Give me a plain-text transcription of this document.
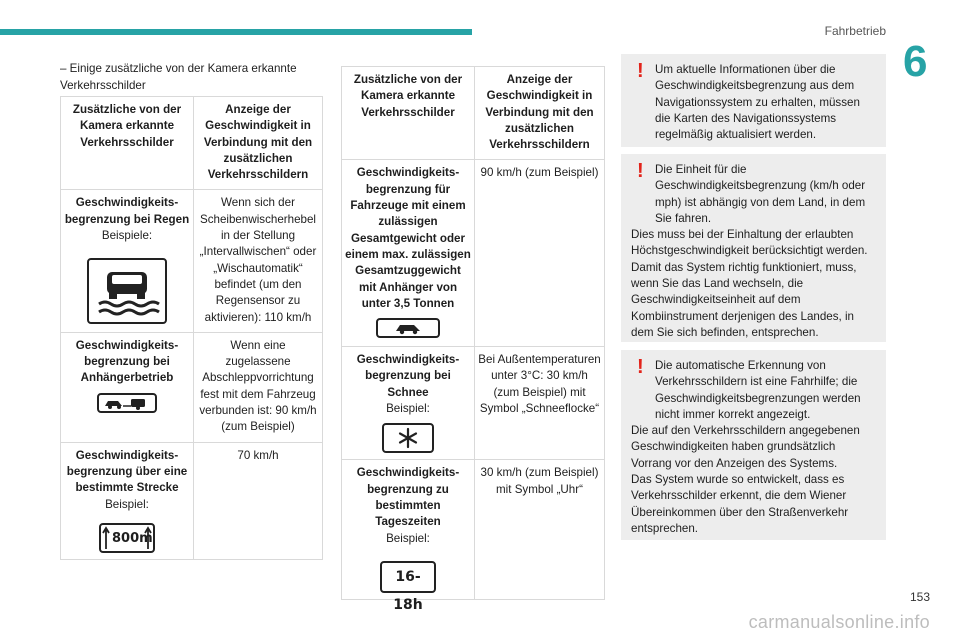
Fahrbetrieb
6
– Einige zusätzliche von der Kamera erkannte Verkehrsschilder
Zusätzliche von der Kamera erkannte Verkehrsschilder	Anzeige der Geschwindigkeit in Verbindung mit den zusätzlichen Verkehrsschildern

Geschwindigkeits-begrenzung bei Regen
Beispiele:	Wenn sich der Scheibenwischerhebel in der Stellung „Intervallwischen“ oder „Wischautomatik“ befindet (um den Regensensor zu aktivieren): 110 km/h

Geschwindigkeits-begrenzung bei Anhängerbetrieb	Wenn eine zugelassene Abschleppvorrichtung fest mit dem Fahrzeug verbunden ist: 90 km/h (zum Beispiel)

Geschwindigkeits-begrenzung über eine bestimmte Strecke
Beispiel:
800m	70 km/h
Zusätzliche von der Kamera erkannte Verkehrsschilder	Anzeige der Geschwindigkeit in Verbindung mit den zusätzlichen Verkehrsschildern

Geschwindigkeits-begrenzung für Fahrzeuge mit einem zulässigen Gesamtgewicht oder einem max. zulässigen Gesamtzuggewicht mit Anhänger von unter 3,5 Tonnen	90 km/h (zum Beispiel)

Geschwindigkeits-begrenzung bei Schnee
Beispiel:	Bei Außentemperaturen unter 3°C: 30 km/h (zum Beispiel) mit Symbol „Schneeflocke“

Geschwindigkeits-begrenzung zu bestimmten Tageszeiten
Beispiel:
16-18h	30 km/h (zum Beispiel) mit Symbol „Uhr“
! Um aktuelle Informationen über die Geschwindigkeitsbegrenzung aus dem Navigationssystem zu erhalten, müssen die Karten des Navigationssystems regelmäßig aktualisiert werden.
! Die Einheit für die Geschwindigkeitsbegrenzung (km/h oder mph) ist abhängig von dem Land, in dem Sie fahren.
Dies muss bei der Einhaltung der erlaubten Höchstgeschwindigkeit berücksichtigt werden.
Damit das System richtig funktioniert, muss, wenn Sie das Land wechseln, die Geschwindigkeitseinheit auf dem Kombiinstrument derjenigen des Landes, in dem Sie sich befinden, entsprechen.
! Die automatische Erkennung von Verkehrsschildern ist eine Fahrhilfe; die Geschwindigkeitsbegrenzungen werden nicht immer korrekt angezeigt.
Die auf den Verkehrsschildern angegebenen Geschwindigkeiten haben grundsätzlich Vorrang vor den Anzeigen des Systems.
Das System wurde so entwickelt, dass es Verkehrsschilder erkennt, die dem Wiener Übereinkommen über den Straßenverkehr entsprechen.
carmanualsonline.info
153
